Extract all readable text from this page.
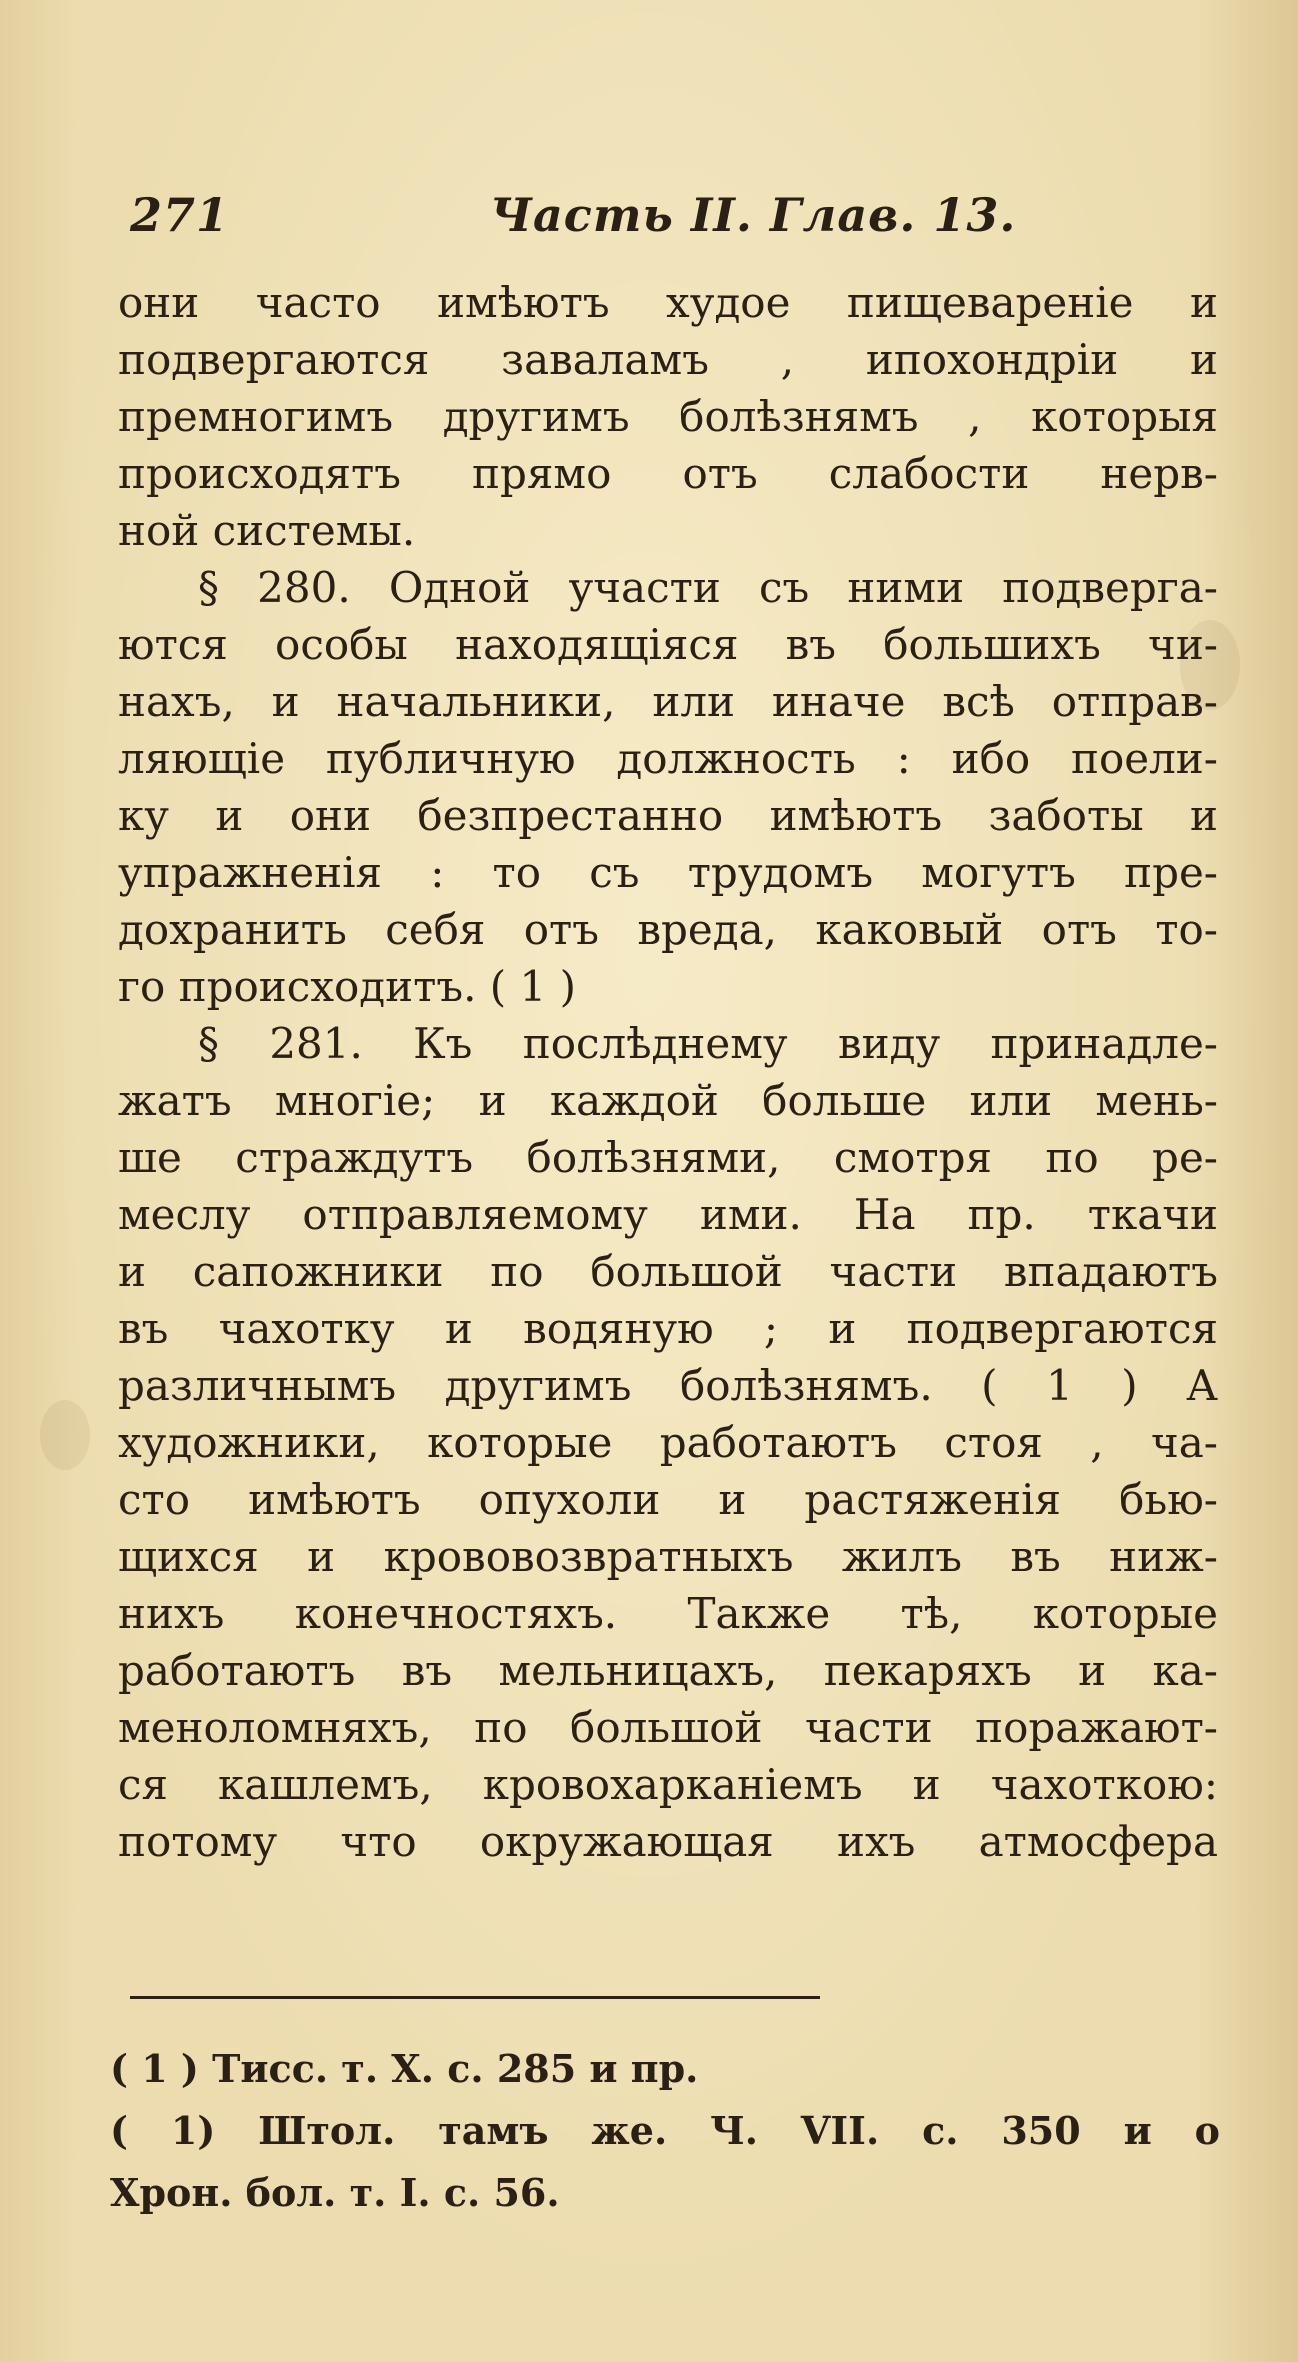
271	Часть II. Глав. 13.
они часто имѣютъ худое пищевареніе и
подвергаются заваламъ , ипохондріи и
премногимъ другимъ болѣзнямъ , которыя
происходятъ прямо отъ слабости нерв-
ной системы.
§ 280. Одной участи съ ними подверга-
ются особы находящіяся въ большихъ чи-
нахъ, и начальники, или иначе всѣ отправ-
ляющіе публичную должность : ибо поели-
ку и они безпрестанно имѣютъ заботы и
упражненія : то съ трудомъ могутъ пре-
дохранить себя отъ вреда, каковый отъ то-
го происходитъ. ( 1 )
§ 281. Къ послѣднему виду принадле-
жатъ многіе; и каждой больше или мень-
ше страждутъ болѣзнями, смотря по ре-
меслу отправляемому ими. На пр. ткачи
и сапожники по большой части впадаютъ
въ чахотку и водяную ; и подвергаются
различнымъ другимъ болѣзнямъ. ( 1 ) А
художники, которые работаютъ стоя , ча-
сто имѣютъ опухоли и растяженія бью-
щихся и крововозвратныхъ жилъ въ ниж-
нихъ конечностяхъ. Также тѣ, которые
работаютъ въ мельницахъ, пекаряхъ и ка-
меноломняхъ, по большой части поражают-
ся кашлемъ, кровохарканіемъ и чахоткою:
потому что окружающая ихъ атмосфера
( 1 ) Тисс. т. X. с. 285 и пр.
( 1) Штол. тамъ же. Ч. VII. с. 350 и о
Хрон. бол. т. I. с. 56.
